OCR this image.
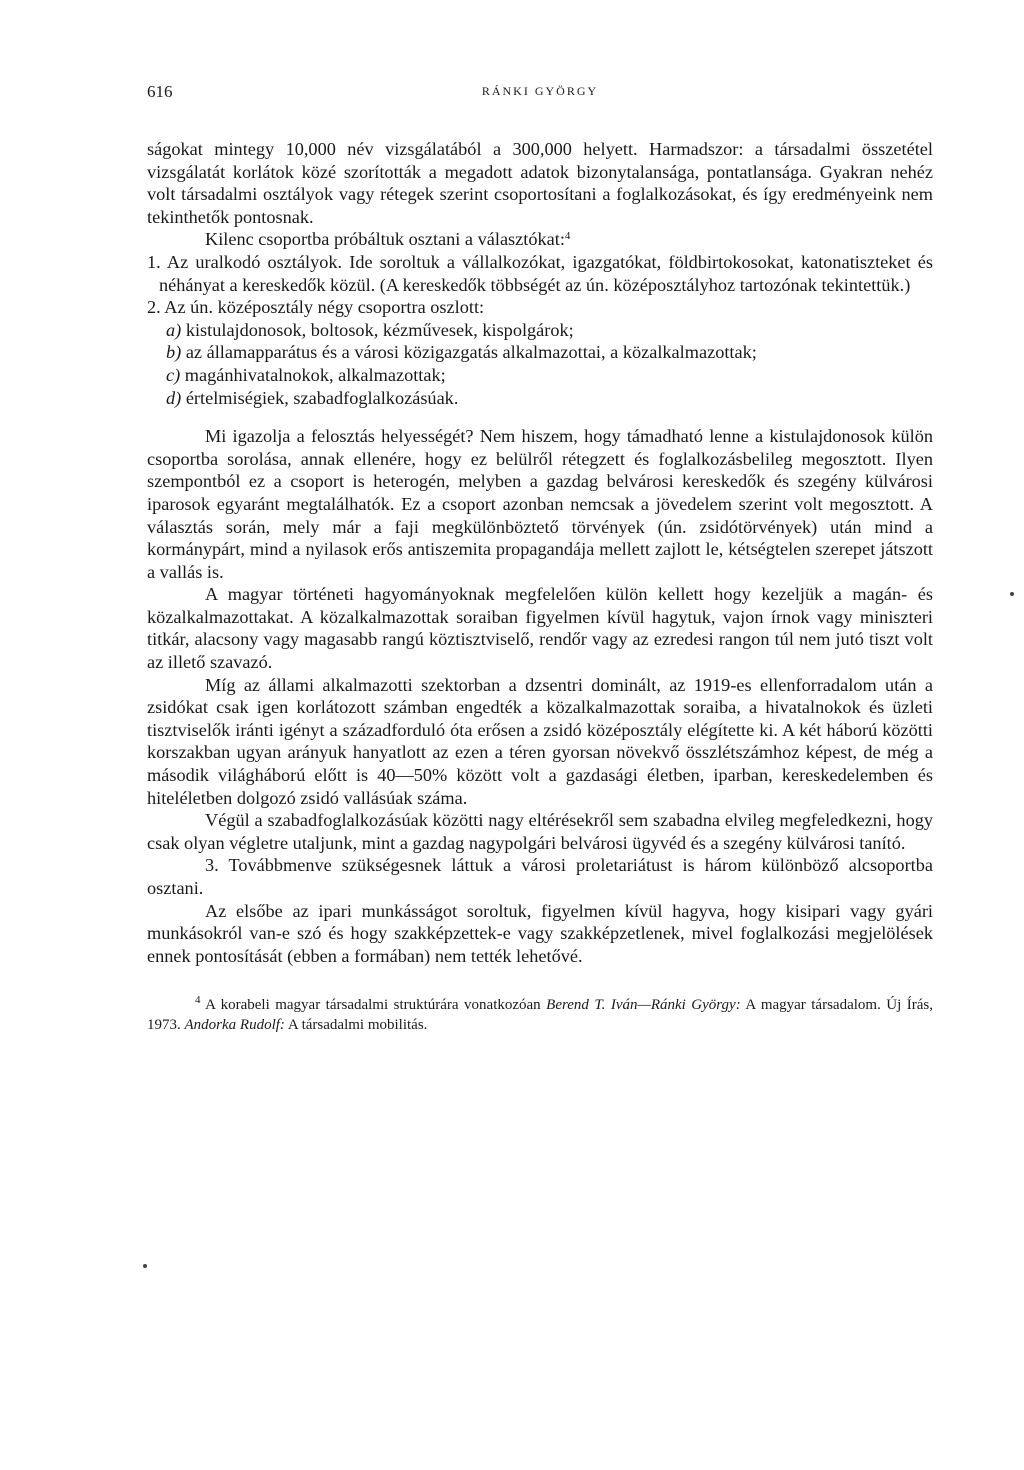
616	RÁNKI GYÖRGY

ságokat mintegy 10,000 név vizsgálatából a 300,000 helyett. Harmadszor: a társadalmi összetétel vizsgálatát korlátok közé szorították a megadott adatok bizonytalansága, pontatlansága. Gyakran nehéz volt társadalmi osztályok vagy rétegek szerint csoportosítani a foglalkozásokat, és így eredményeink nem tekinthetők pontosnak.

Kilenc csoportba próbáltuk osztani a választókat:$^4$

1. Az uralkodó osztályok. Ide soroltuk a vállalkozókat, igazgatókat, földbirtokosokat, katonatiszteket és néhányat a kereskedők közül. (A kereskedők többségét az ún. középosztályhoz tartozónak tekintettük.)

2. Az ún. középosztály négy csoportra oszlott:

a) kistulajdonosok, boltosok, kézművesek, kispolgárok;

b) az államapparátus és a városi közigazgatás alkalmazottai, a közalkalmazottak;

c) magánhivatalnokok, alkalmazottak;

d) értelmiségiek, szabadfoglalkozásúak.

Mi igazolja a felosztás helyességét? Nem hiszem, hogy támadható lenne a kistulajdonosok külön csoportba sorolása, annak ellenére, hogy ez belülről rétegzett és foglalkozásbelileg megosztott. Ilyen szempontból ez a csoport is heterogén, melyben a gazdag belvárosi kereskedők és szegény külvárosi iparosok egyaránt megtalálhatók. Ez a csoport azonban nemcsak a jövedelem szerint volt megosztott. A választás során, mely már a faji megkülönböztető törvények (ún. zsidótörvények) után mind a kormánypárt, mind a nyilasok erős antiszemita propagandája mellett zajlott le, kétségtelen szerepet játszott a vallás is.

A magyar történeti hagyományoknak megfelelően külön kellett hogy kezeljük a magán- és közalkalmazottakat. A közalkalmazottak soraiban figyelmen kívül hagytuk, vajon írnok vagy miniszteri titkár, alacsony vagy magasabb rangú köztisztviselő, rendőr vagy az ezredesi rangon túl nem jutó tiszt volt az illető szavazó.

Míg az állami alkalmazotti szektorban a dzsentri dominált, az 1919-es ellenforradalom után a zsidókat csak igen korlátozott számban engedték a közalkalmazottak soraiba, a hivatalnokok és üzleti tisztviselők iránti igényt a századforduló óta erősen a zsidó középosztály elégítette ki. A két háború közötti korszakban ugyan arányuk hanyatlott az ezen a téren gyorsan növekvő összlétszámhoz képest, de még a második világháború előtt is 40—50% között volt a gazdasági életben, iparban, kereskedelemben és hiteléletben dolgozó zsidó vallásúak száma.

Végül a szabadfoglalkozásúak közötti nagy eltérésekről sem szabadna elvileg megfeledkezni, hogy csak olyan végletre utaljunk, mint a gazdag nagypolgári belvárosi ügyvéd és a szegény külvárosi tanító.

3. Továbbmenve szükségesnek láttuk a városi proletariátust is három különböző alcsoportba osztani.

Az elsőbe az ipari munkásságot soroltuk, figyelmen kívül hagyva, hogy kisipari vagy gyári munkásokról van-e szó és hogy szakképzettek-e vagy szakképzetlenek, mivel foglalkozási megjelölések ennek pontosítását (ebben a formában) nem tették lehetővé.

$^4$ A korabeli magyar társadalmi struktúrára vonatkozóan Berend T. Iván—Ránki György: A magyar társadalom. Új Írás, 1973. Andorka Rudolf: A társadalmi mobilitás.
